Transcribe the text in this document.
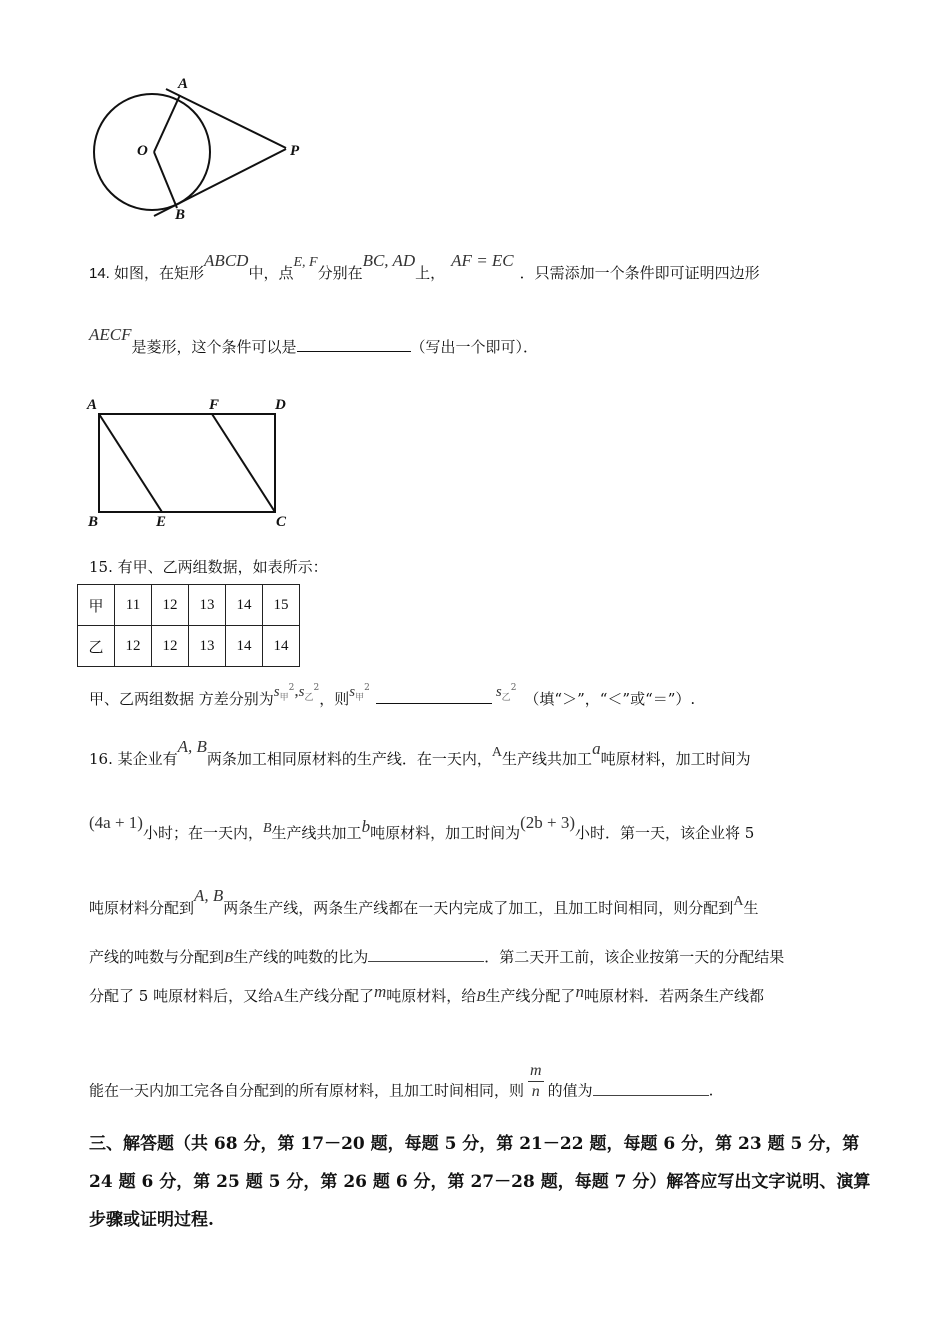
A
O	P
B
14. 如图，在矩形ABCD中，点E, F分别在BC, AD上，AF = EC．只需添加一个条件即可证明四边形
AECF是菱形，这个条件可以是	（写出一个即可）．
A	F	D
B	E	C
15. 有甲、乙两组数据，如表所示：
甲	11	12	13	14	15
乙	12	12	13	14	14
甲、乙两组数据 方差分别为$s_甲^2,s_乙^2$，则$s_甲^2$	$s_乙^2$（填“＞”，“＜”或“＝”）.
16. 某企业有A, B两条加工相同原材料的生产线．在一天内，A生产线共加工a吨原材料，加工时间为
(4a + 1)小时；在一天内，B生产线共加工b吨原材料，加工时间为(2b + 3)小时．第一天，该企业将 5
吨原材料分配到A, B两条生产线，两条生产线都在一天内完成了加工，且加工时间相同，则分配到A生
产线的吨数与分配到B生产线的吨数的比为	．第二天开工前，该企业按第一天的分配结果
分配了 5 吨原材料后，又给A生产线分配了m吨原材料，给B生产线分配了n吨原材料．若两条生产线都
能在一天内加工完各自分配到的所有原材料，且加工时间相同，则 $\frac{m}{n}$ 的值为	.
三、解答题（共 68 分，第 17－20 题，每题 5 分，第 21－22 题，每题 6 分，第 23 题 5 分，第
24 题 6 分，第 25 题 5 分，第 26 题 6 分，第 27－28 题，每题 7 分）解答应写出文字说明、演算
步骤或证明过程.
